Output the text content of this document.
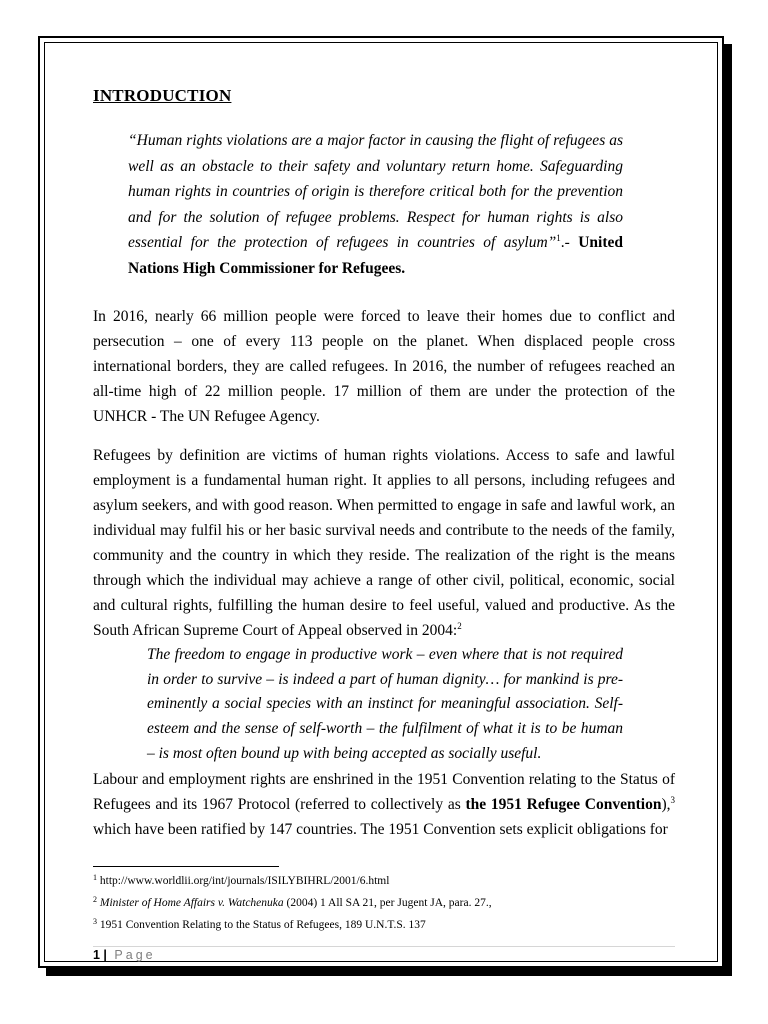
INTRODUCTION
“Human rights violations are a major factor in causing the flight of refugees as well as an obstacle to their safety and voluntary return home. Safeguarding human rights in countries of origin is therefore critical both for the prevention and for the solution of refugee problems. Respect for human rights is also essential for the protection of refugees in countries of asylum”$^1$.- United Nations High Commissioner for Refugees.

In 2016, nearly 66 million people were forced to leave their homes due to conflict and persecution – one of every 113 people on the planet. When displaced people cross international borders, they are called refugees. In 2016, the number of refugees reached an all-time high of 22 million people. 17 million of them are under the protection of the UNHCR - The UN Refugee Agency.

Refugees by definition are victims of human rights violations. Access to safe and lawful employment is a fundamental human right. It applies to all persons, including refugees and asylum seekers, and with good reason. When permitted to engage in safe and lawful work, an individual may fulfil his or her basic survival needs and contribute to the needs of the family, community and the country in which they reside. The realization of the right is the means through which the individual may achieve a range of other civil, political, economic, social and cultural rights, fulfilling the human desire to feel useful, valued and productive. As the South African Supreme Court of Appeal observed in 2004:$^2$

The freedom to engage in productive work – even where that is not required in order to survive – is indeed a part of human dignity… for mankind is pre-eminently a social species with an instinct for meaningful association. Self-esteem and the sense of self-worth – the fulfilment of what it is to be human – is most often bound up with being accepted as socially useful.

Labour and employment rights are enshrined in the 1951 Convention relating to the Status of Refugees and its 1967 Protocol (referred to collectively as the 1951 Refugee Convention),$^3$ which have been ratified by 147 countries. The 1951 Convention sets explicit obligations for

$^1$ http://www.worldlii.org/int/journals/ISILYBIHRL/2001/6.html
$^2$ Minister of Home Affairs v. Watchenuka (2004) 1 All SA 21, per Jugent JA, para. 27.,
$^3$ 1951 Convention Relating to the Status of Refugees, 189 U.N.T.S. 137
1 | Page
